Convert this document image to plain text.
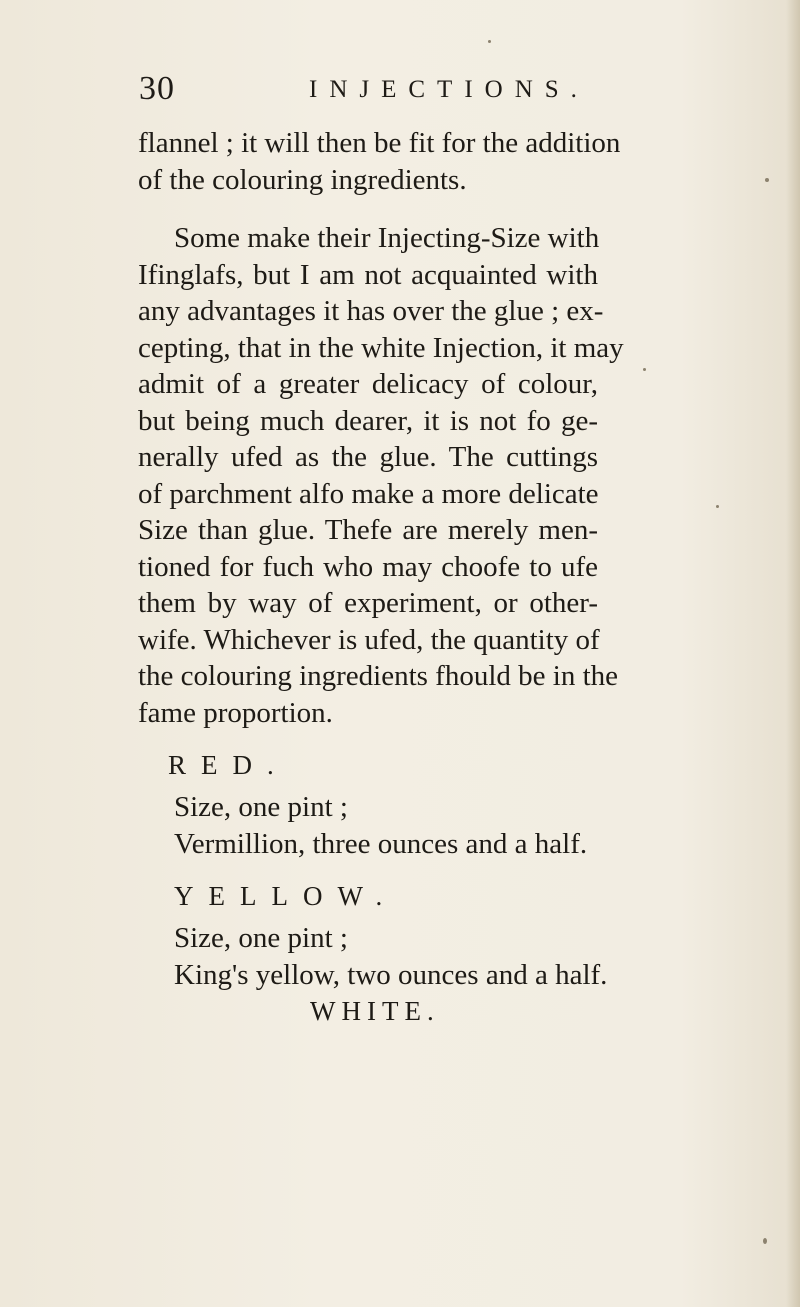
30	INJECTIONS.
flannel ; it will then be fit for the addition
of the colouring ingredients.
Some make their Injecting-Size with
Ifinglafs, but I am not acquainted with
any advantages it has over the glue ; ex-
cepting, that in the white Injection, it may
admit of a greater delicacy of colour,
but being much dearer, it is not fo ge-
nerally ufed as the glue. The cuttings
of parchment alfo make a more delicate
Size than glue. Thefe are merely men-
tioned for fuch who may choofe to ufe
them by way of experiment, or other-
wife. Whichever is ufed, the quantity of
the colouring ingredients fhould be in the
fame proportion.
RED.
Size, one pint ;
Vermillion, three ounces and a half.
YELLOW.
Size, one pint ;
King's yellow, two ounces and a half.
WHITE.
